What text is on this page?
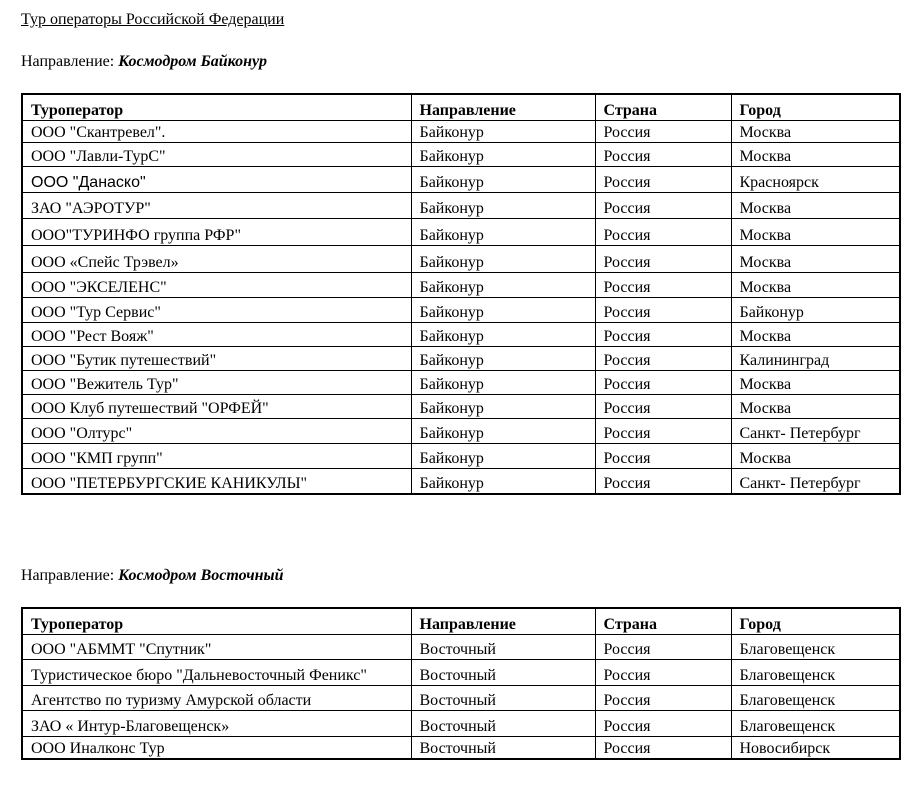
Тур операторы Российской Федерации
Направление: Космодром Байконур
Туроператор	Направление	Страна	Город
ООО "Скантревел".	Байконур	Россия	Москва
ООО "Лавли-ТурС"	Байконур	Россия	Москва
ООО "Данаско"	Байконур	Россия	Красноярск
ЗАО "АЭРОТУР"	Байконур	Россия	Москва
ООО"ТУРИНФО группа РФР"	Байконур	Россия	Москва
ООО «Спейс Трэвел»	Байконур	Россия	Москва
ООО "ЭКСЕЛЕНС"	Байконур	Россия	Москва
ООО "Тур Сервис"	Байконур	Россия	Байконур
ООО "Рест Вояж"	Байконур	Россия	Москва
ООО "Бутик путешествий"	Байконур	Россия	Калининград
ООО "Вежитель Тур"	Байконур	Россия	Москва
ООО Клуб путешествий "ОРФЕЙ"	Байконур	Россия	Москва
ООО "Олтурс"	Байконур	Россия	Санкт- Петербург
ООО "КМП групп"	Байконур	Россия	Москва
ООО "ПЕТЕРБУРГСКИЕ КАНИКУЛЫ"	Байконур	Россия	Санкт- Петербург
Направление: Космодром Восточный
Туроператор	Направление	Страна	Город
ООО "АБММТ "Спутник"	Восточный	Россия	Благовещенск
Туристическое бюро "Дальневосточный Феникс"	Восточный	Россия	Благовещенск
Агентство по туризму Амурской области	Восточный	Россия	Благовещенск
ЗАО « Интур-Благовещенск»	Восточный	Россия	Благовещенск
ООО Иналконс Тур	Восточный	Россия	Новосибирск
